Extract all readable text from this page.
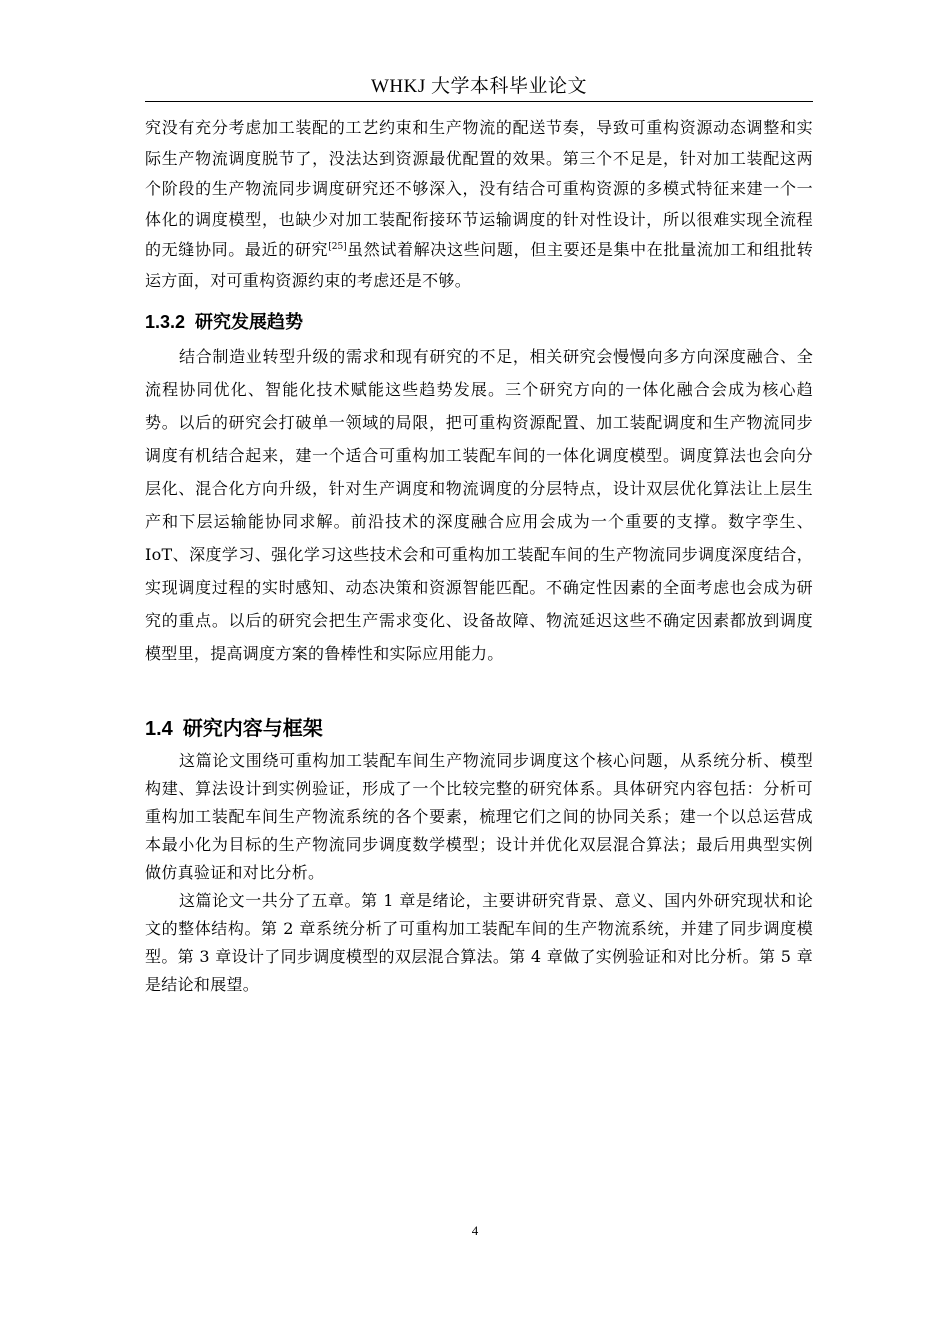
WHKJ 大学本科毕业论文

究没有充分考虑加工装配的工艺约束和生产物流的配送节奏，导致可重构资源动态调整和实际生产物流调度脱节了，没法达到资源最优配置的效果。第三个不足是，针对加工装配这两个阶段的生产物流同步调度研究还不够深入，没有结合可重构资源的多模式特征来建一个一体化的调度模型，也缺少对加工装配衔接环节运输调度的针对性设计，所以很难实现全流程的无缝协同。最近的研究[25]虽然试着解决这些问题，但主要还是集中在批量流加工和组批转运方面，对可重构资源约束的考虑还是不够。

1.3.2 研究发展趋势

结合制造业转型升级的需求和现有研究的不足，相关研究会慢慢向多方向深度融合、全流程协同优化、智能化技术赋能这些趋势发展。三个研究方向的一体化融合会成为核心趋势。以后的研究会打破单一领域的局限，把可重构资源配置、加工装配调度和生产物流同步调度有机结合起来，建一个适合可重构加工装配车间的一体化调度模型。调度算法也会向分层化、混合化方向升级，针对生产调度和物流调度的分层特点，设计双层优化算法让上层生产和下层运输能协同求解。前沿技术的深度融合应用会成为一个重要的支撑。数字孪生、IoT、深度学习、强化学习这些技术会和可重构加工装配车间的生产物流同步调度深度结合，实现调度过程的实时感知、动态决策和资源智能匹配。不确定性因素的全面考虑也会成为研究的重点。以后的研究会把生产需求变化、设备故障、物流延迟这些不确定因素都放到调度模型里，提高调度方案的鲁棒性和实际应用能力。

1.4 研究内容与框架

这篇论文围绕可重构加工装配车间生产物流同步调度这个核心问题，从系统分析、模型构建、算法设计到实例验证，形成了一个比较完整的研究体系。具体研究内容包括：分析可重构加工装配车间生产物流系统的各个要素，梳理它们之间的协同关系；建一个以总运营成本最小化为目标的生产物流同步调度数学模型；设计并优化双层混合算法；最后用典型实例做仿真验证和对比分析。

这篇论文一共分了五章。第 1 章是绪论，主要讲研究背景、意义、国内外研究现状和论文的整体结构。第 2 章系统分析了可重构加工装配车间的生产物流系统，并建了同步调度模型。第 3 章设计了同步调度模型的双层混合算法。第 4 章做了实例验证和对比分析。第 5 章是结论和展望。

4
